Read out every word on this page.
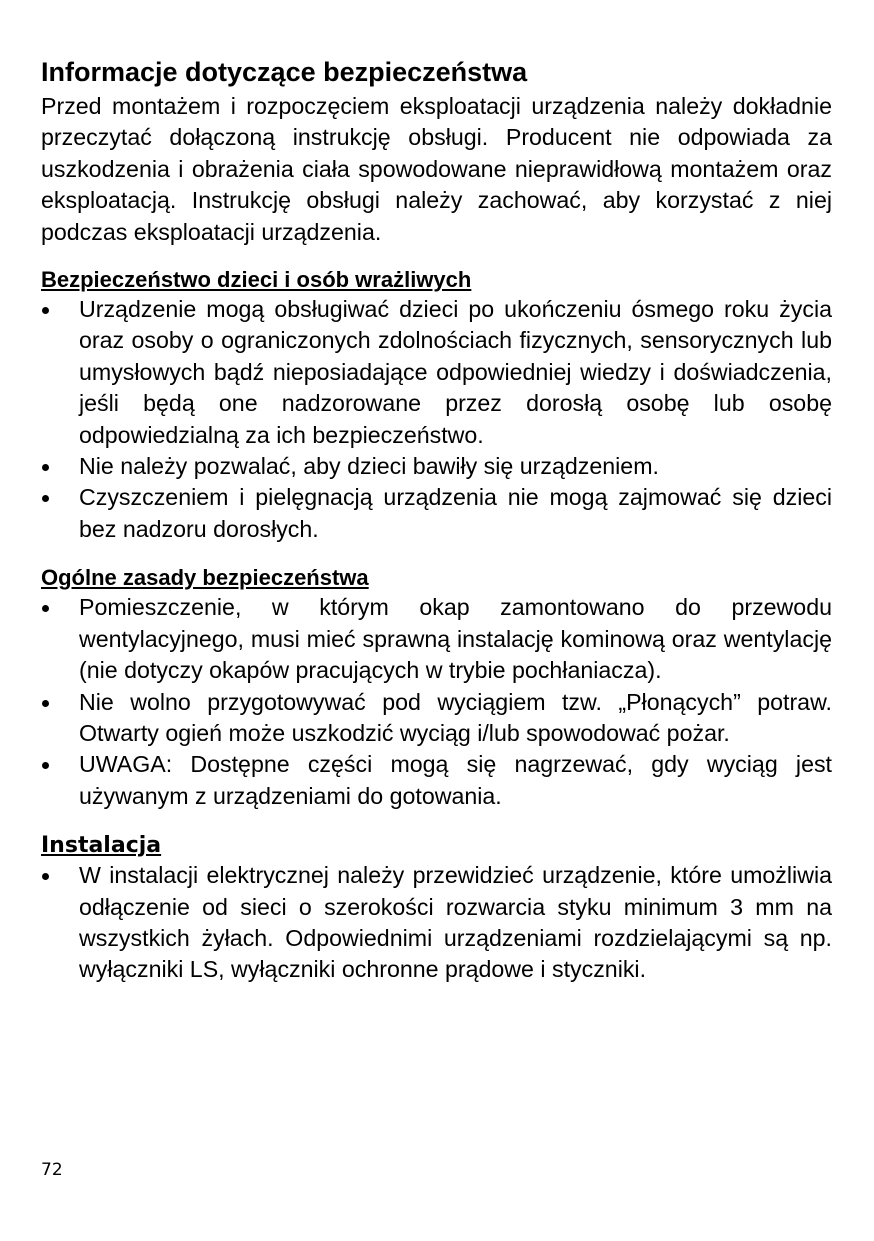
Informacje dotyczące bezpieczeństwa

Przed montażem i rozpoczęciem eksploatacji urządzenia należy dokładnie przeczytać dołączoną instrukcję obsługi. Producent nie odpowiada za uszkodzenia i obrażenia ciała spowodowane nieprawidłową montażem oraz eksploatacją. Instrukcję obsługi należy zachować, aby korzystać z niej podczas eksploatacji urządzenia.

Bezpieczeństwo dzieci i osób wrażliwych
Urządzenie mogą obsługiwać dzieci po ukończeniu ósmego roku życia oraz osoby o ograniczonych zdolnościach fizycznych, sensorycznych lub umysłowych bądź nieposiadające odpowiedniej wiedzy i doświadczenia, jeśli będą one nadzorowane przez dorosłą osobę lub osobę odpowiedzialną za ich bezpieczeństwo.
Nie należy pozwalać, aby dzieci bawiły się urządzeniem.
Czyszczeniem i pielęgnacją urządzenia nie mogą zajmować się dzieci bez nadzoru dorosłych.
Ogólne zasady bezpieczeństwa
Pomieszczenie, w którym okap zamontowano do przewodu wentylacyjnego, musi mieć sprawną instalację kominową oraz wentylację (nie dotyczy okapów pracujących w trybie pochłaniacza).
Nie wolno przygotowywać pod wyciągiem tzw. „Płonących” potraw. Otwarty ogień może uszkodzić wyciąg i/lub spowodować pożar.
UWAGA: Dostępne części mogą się nagrzewać, gdy wyciąg jest używanym z urządzeniami do gotowania.
Instalacja
W instalacji elektrycznej należy przewidzieć urządzenie, które umożliwia odłączenie od sieci o szerokości rozwarcia styku minimum 3 mm na wszystkich żyłach. Odpowiednimi urządzeniami rozdzielającymi są np. wyłączniki LS, wyłączniki ochronne prądowe i styczniki.
72
